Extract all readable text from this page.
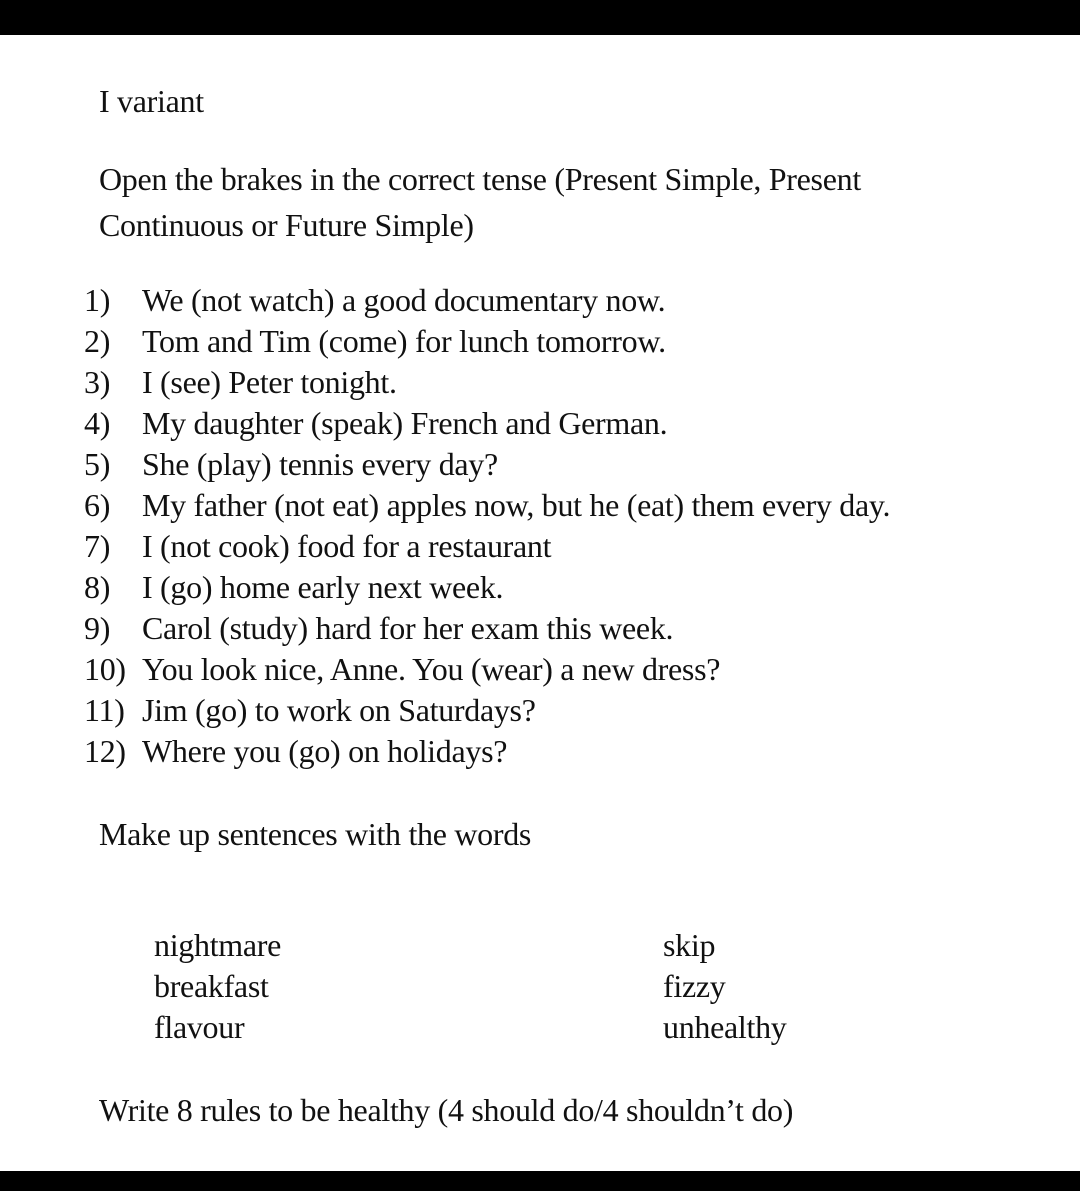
I variant
Open the brakes in the correct tense (Present Simple, Present
Continuous or Future Simple)
1) We (not watch) a good documentary now.
2) Tom and Tim (come) for lunch tomorrow.
3) I (see) Peter tonight.
4) My daughter (speak) French and German.
5) She (play) tennis every day?
6) My father (not eat) apples now, but he (eat) them every day.
7) I (not cook) food for a restaurant
8) I (go) home early next week.
9) Carol (study) hard for her exam this week.
10) You look nice, Anne. You (wear) a new dress?
11) Jim (go) to work on Saturdays?
12) Where you (go) on holidays?
Make up sentences with the words
nightmare
breakfast
flavour
skip
fizzy
unhealthy
Write 8 rules to be healthy (4 should do/4 shouldn’t do)
